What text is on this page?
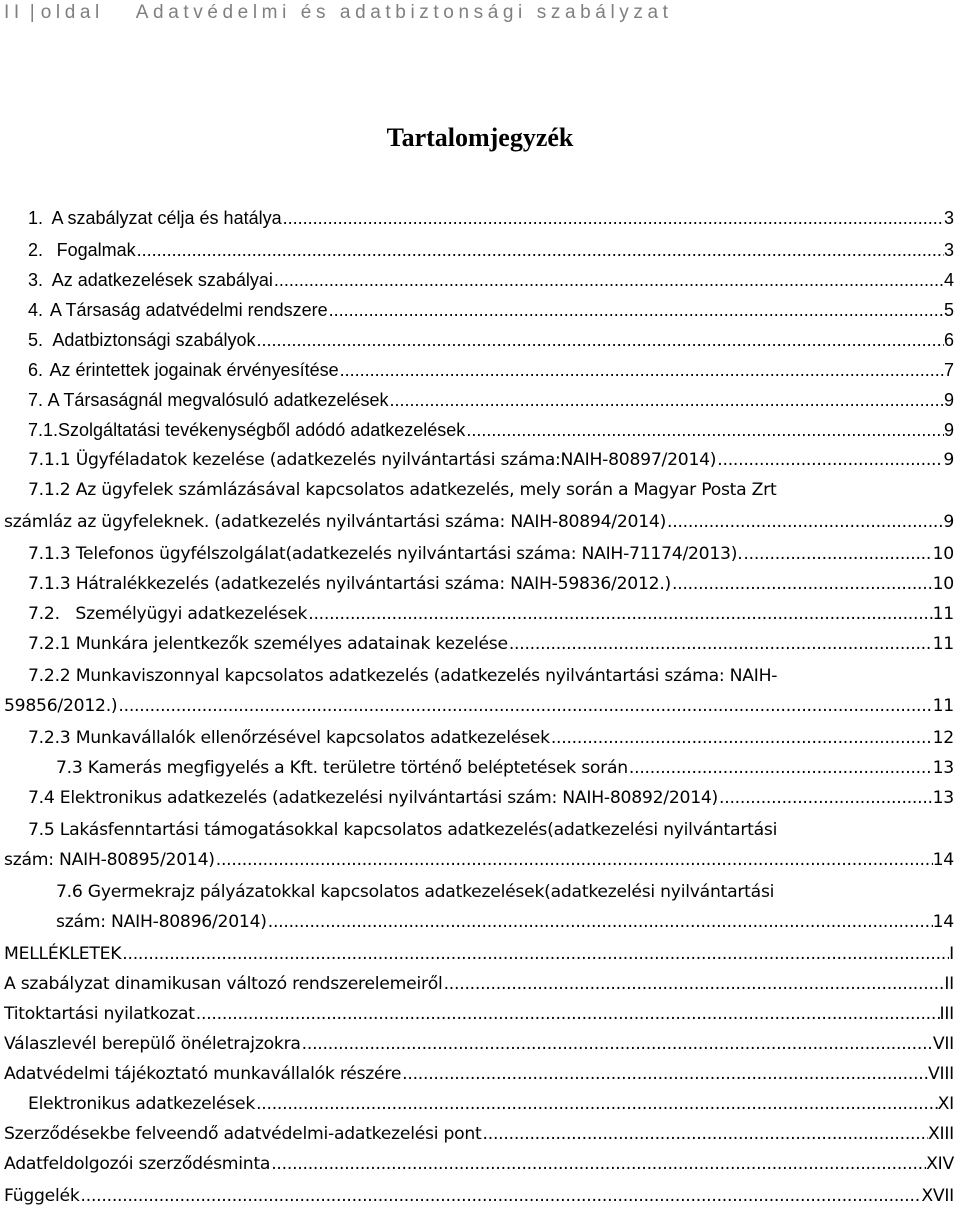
II | oldal Adatvédelmi és adatbiztonsági szabályzat
Tartalomjegyzék
1. A szabályzat célja és hatálya .....	3
2. Fogalmak .....	3
3. Az adatkezelések szabályai .....	4
4. A Társaság adatvédelmi rendszere .....	5
5. Adatbiztonsági szabályok .....	6
6. Az érintettek jogainak érvényesítése .....	7
7. A Társaságnál megvalósuló adatkezelések .....	9
7.1. Szolgáltatási tevékenységből adódó adatkezelések .....	9
7.1.1 Ügyféladatok kezelése (adatkezelés nyilvántartási száma:NAIH-80897/2014) .....	9
7.1.2 Az ügyfelek számlázásával kapcsolatos adatkezelés, mely során a Magyar Posta Zrt
számláz az ügyfeleknek. (adatkezelés nyilvántartási száma: NAIH-80894/2014) .....	9
7.1.3 Telefonos ügyfélszolgálat(adatkezelés nyilvántartási száma: NAIH-71174/2013). .....	10
7.1.3 Hátralékkezelés (adatkezelés nyilvántartási száma: NAIH-59836/2012.) .....	10
7.2.   Személyügyi adatkezelések .....	11
7.2.1 Munkára jelentkezők személyes adatainak kezelése .....	11
7.2.2 Munkaviszonnyal kapcsolatos adatkezelés (adatkezelés nyilvántartási száma: NAIH-
59856/2012.) .....	11
7.2.3 Munkavállalók ellenőrzésével kapcsolatos adatkezelések .....	12
7.3 Kamerás megfigyelés a Kft. területre történő beléptetések során .....	13
7.4 Elektronikus adatkezelés (adatkezelési nyilvántartási szám: NAIH-80892/2014) .....	13
7.5 Lakásfenntartási támogatásokkal kapcsolatos adatkezelés(adatkezelési nyilvántartási
szám: NAIH-80895/2014) .....	14
7.6 Gyermekrajz pályázatokkal kapcsolatos adatkezelések(adatkezelési nyilvántartási
szám: NAIH-80896/2014) .....	14
MELLÉKLETEK .....	I
A szabályzat dinamikusan változó rendszerelemeiről .....	II
Titoktartási nyilatkozat .....	III
Válaszlevél berepülő önéletrajzokra .....	VII
Adatvédelmi tájékoztató munkavállalók részére .....	VIII
Elektronikus adatkezelések .....	XI
Szerződésekbe felveendő adatvédelmi-adatkezelési pont .....	XIII
Adatfeldolgozói szerződésminta .....	XIV
Függelék .....	XVII
